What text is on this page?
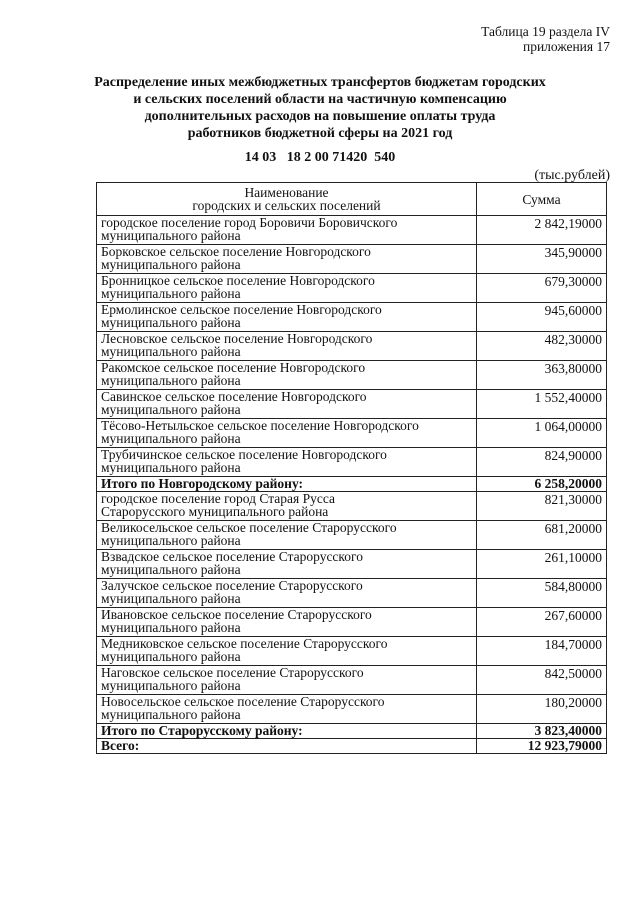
Таблица 19 раздела IV
приложения 17
Распределение иных межбюджетных трансфертов бюджетам городских
и сельских поселений области на частичную компенсацию
дополнительных расходов на повышение оплаты труда
работников бюджетной сферы на 2021 год
14 03   18 2 00 71420  540
(тыс.рублей)
Наименование
городских и сельских поселений	Сумма

городское поселение город Боровичи Боровичского
муниципального района	2 842,19000

Борковское сельское поселение Новгородского
муниципального района	345,90000

Бронницкое сельское поселение Новгородского
муниципального района	679,30000

Ермолинское сельское поселение Новгородского
муниципального района	945,60000

Лесновское сельское поселение Новгородского
муниципального района	482,30000

Ракомское сельское поселение Новгородского
муниципального района	363,80000

Савинское сельское поселение Новгородского
муниципального района	1 552,40000

Тёсово-Нетыльское сельское поселение Новгородского
муниципального района	1 064,00000

Трубичинское сельское поселение Новгородского
муниципального района	824,90000

Итого по Новгородскому району:	6 258,20000

городское поселение город Старая Русса
Старорусского муниципального района	821,30000

Великосельское сельское поселение Старорусского
муниципального района	681,20000

Взвадское сельское поселение Старорусского
муниципального района	261,10000

Залучское сельское поселение Старорусского
муниципального района	584,80000

Ивановское сельское поселение Старорусского
муниципального района	267,60000

Медниковское сельское поселение Старорусского
муниципального района	184,70000

Наговское сельское поселение Старорусского
муниципального района	842,50000

Новосельское сельское поселение Старорусского
муниципального района	180,20000

Итого по Старорусскому району:	3 823,40000

Всего:	12 923,79000
